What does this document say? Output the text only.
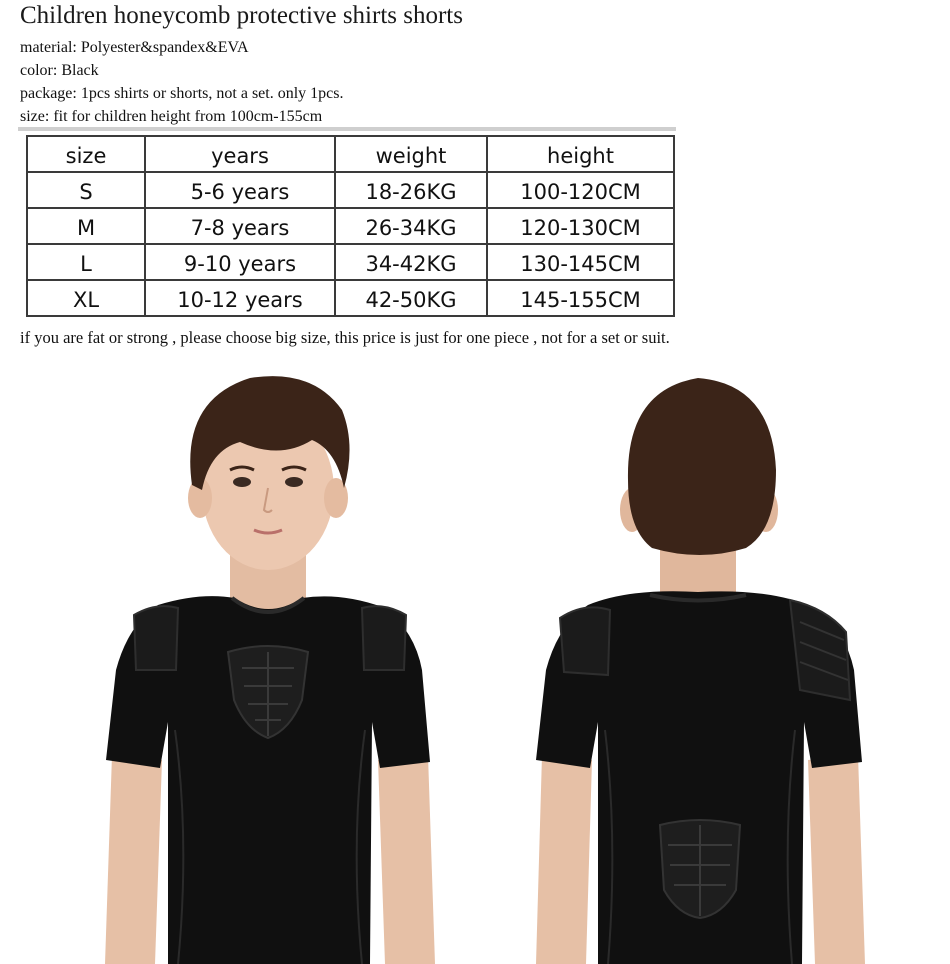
Children honeycomb protective shirts shorts
material: Polyester&spandex&EVA
color: Black
package: 1pcs shirts or shorts, not a set. only 1pcs.
size: fit for children height from 100cm-155cm
size	years	weight	height
S	5-6 years	18-26KG	100-120CM
M	7-8 years	26-34KG	120-130CM
L	9-10 years	34-42KG	130-145CM
XL	10-12 years	42-50KG	145-155CM
if you are fat or strong , please choose big size, this price is just for one piece , not for a set or suit.
